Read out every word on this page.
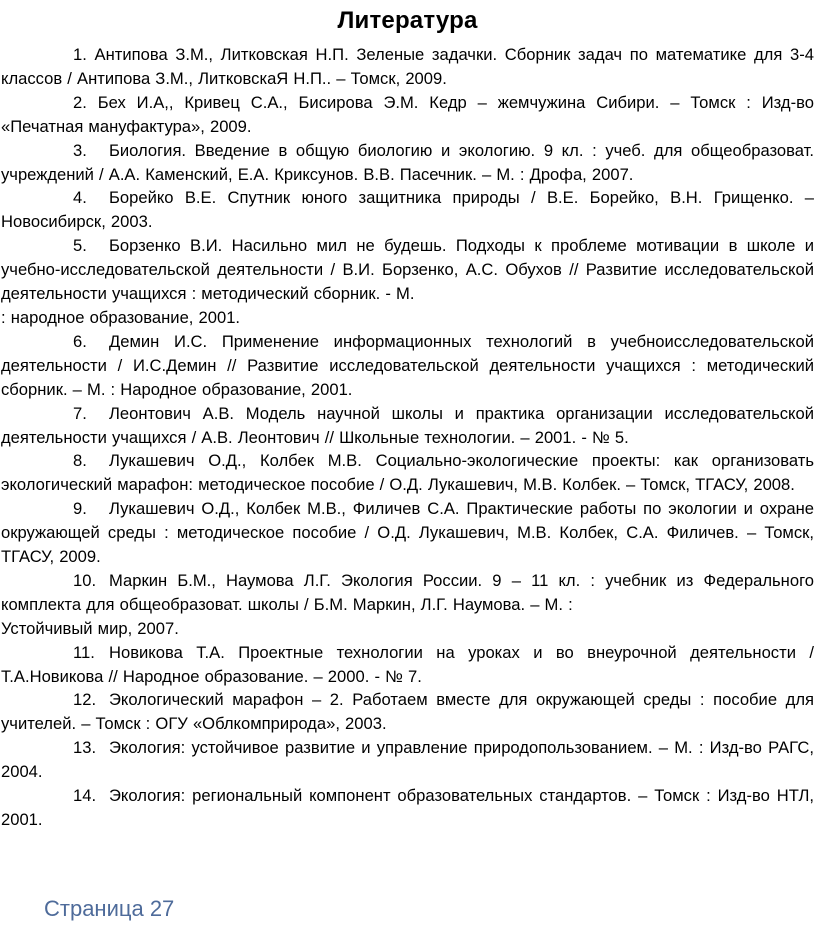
Литература

1. Антипова З.М., Литковская Н.П. Зеленые задачки. Сборник задач по математике для 3-4 классов / Антипова З.М., ЛитковскаЯ Н.П.. – Томск, 2009.

2. Бех И.А,, Кривец С.А., Бисирова Э.М. Кедр – жемчужина Сибири. – Томск : Изд-во «Печатная мануфактура», 2009.

3. Биология. Введение в общую биологию и экологию. 9 кл. : учеб. для общеобразоват. учреждений / А.А. Каменский, Е.А. Криксунов. В.В. Пасечник. – М. : Дрофа, 2007.

4. Борейко В.Е. Спутник юного защитника природы / В.Е. Борейко, В.Н. Грищенко. – Новосибирск, 2003.

5. Борзенко В.И. Насильно мил не будешь. Подходы к проблеме мотивации в школе и учебно-исследовательской деятельности / В.И. Борзенко, А.С. Обухов // Развитие исследовательской деятельности учащихся : методический сборник. - М.

: народное образование, 2001.

6. Демин И.С. Применение информационных технологий в учебноисследовательской деятельности / И.С.Демин // Развитие исследовательской деятельности учащихся : методический сборник. – М. : Народное образование, 2001.

7. Леонтович А.В. Модель научной школы и практика организации исследовательской деятельности учащихся / А.В. Леонтович // Школьные технологии. – 2001. - № 5.

8. Лукашевич О.Д., Колбек М.В. Социально-экологические проекты: как организовать экологический марафон: методическое пособие / О.Д. Лукашевич, М.В. Колбек. – Томск, ТГАСУ, 2008.

9. Лукашевич О.Д., Колбек М.В., Филичев С.А. Практические работы по экологии и охране окружающей среды : методическое пособие / О.Д. Лукашевич, М.В. Колбек, С.А. Филичев. – Томск, ТГАСУ, 2009.

10. Маркин Б.М., Наумова Л.Г. Экология России. 9 – 11 кл. : учебник из Федерального комплекта для общеобразоват. школы / Б.М. Маркин, Л.Г. Наумова. – М. :

Устойчивый мир, 2007.

11. Новикова Т.А. Проектные технологии на уроках и во внеурочной деятельности / Т.А.Новикова // Народное образование. – 2000. - № 7.

12. Экологический марафон – 2. Работаем вместе для окружающей среды : пособие для учителей. – Томск : ОГУ «Облкомприрода», 2003.

13. Экология: устойчивое развитие и управление природопользованием. – М. : Изд-во РАГС, 2004.

14. Экология: региональный компонент образовательных стандартов. – Томск : Изд-во НТЛ, 2001.

Страница 27
